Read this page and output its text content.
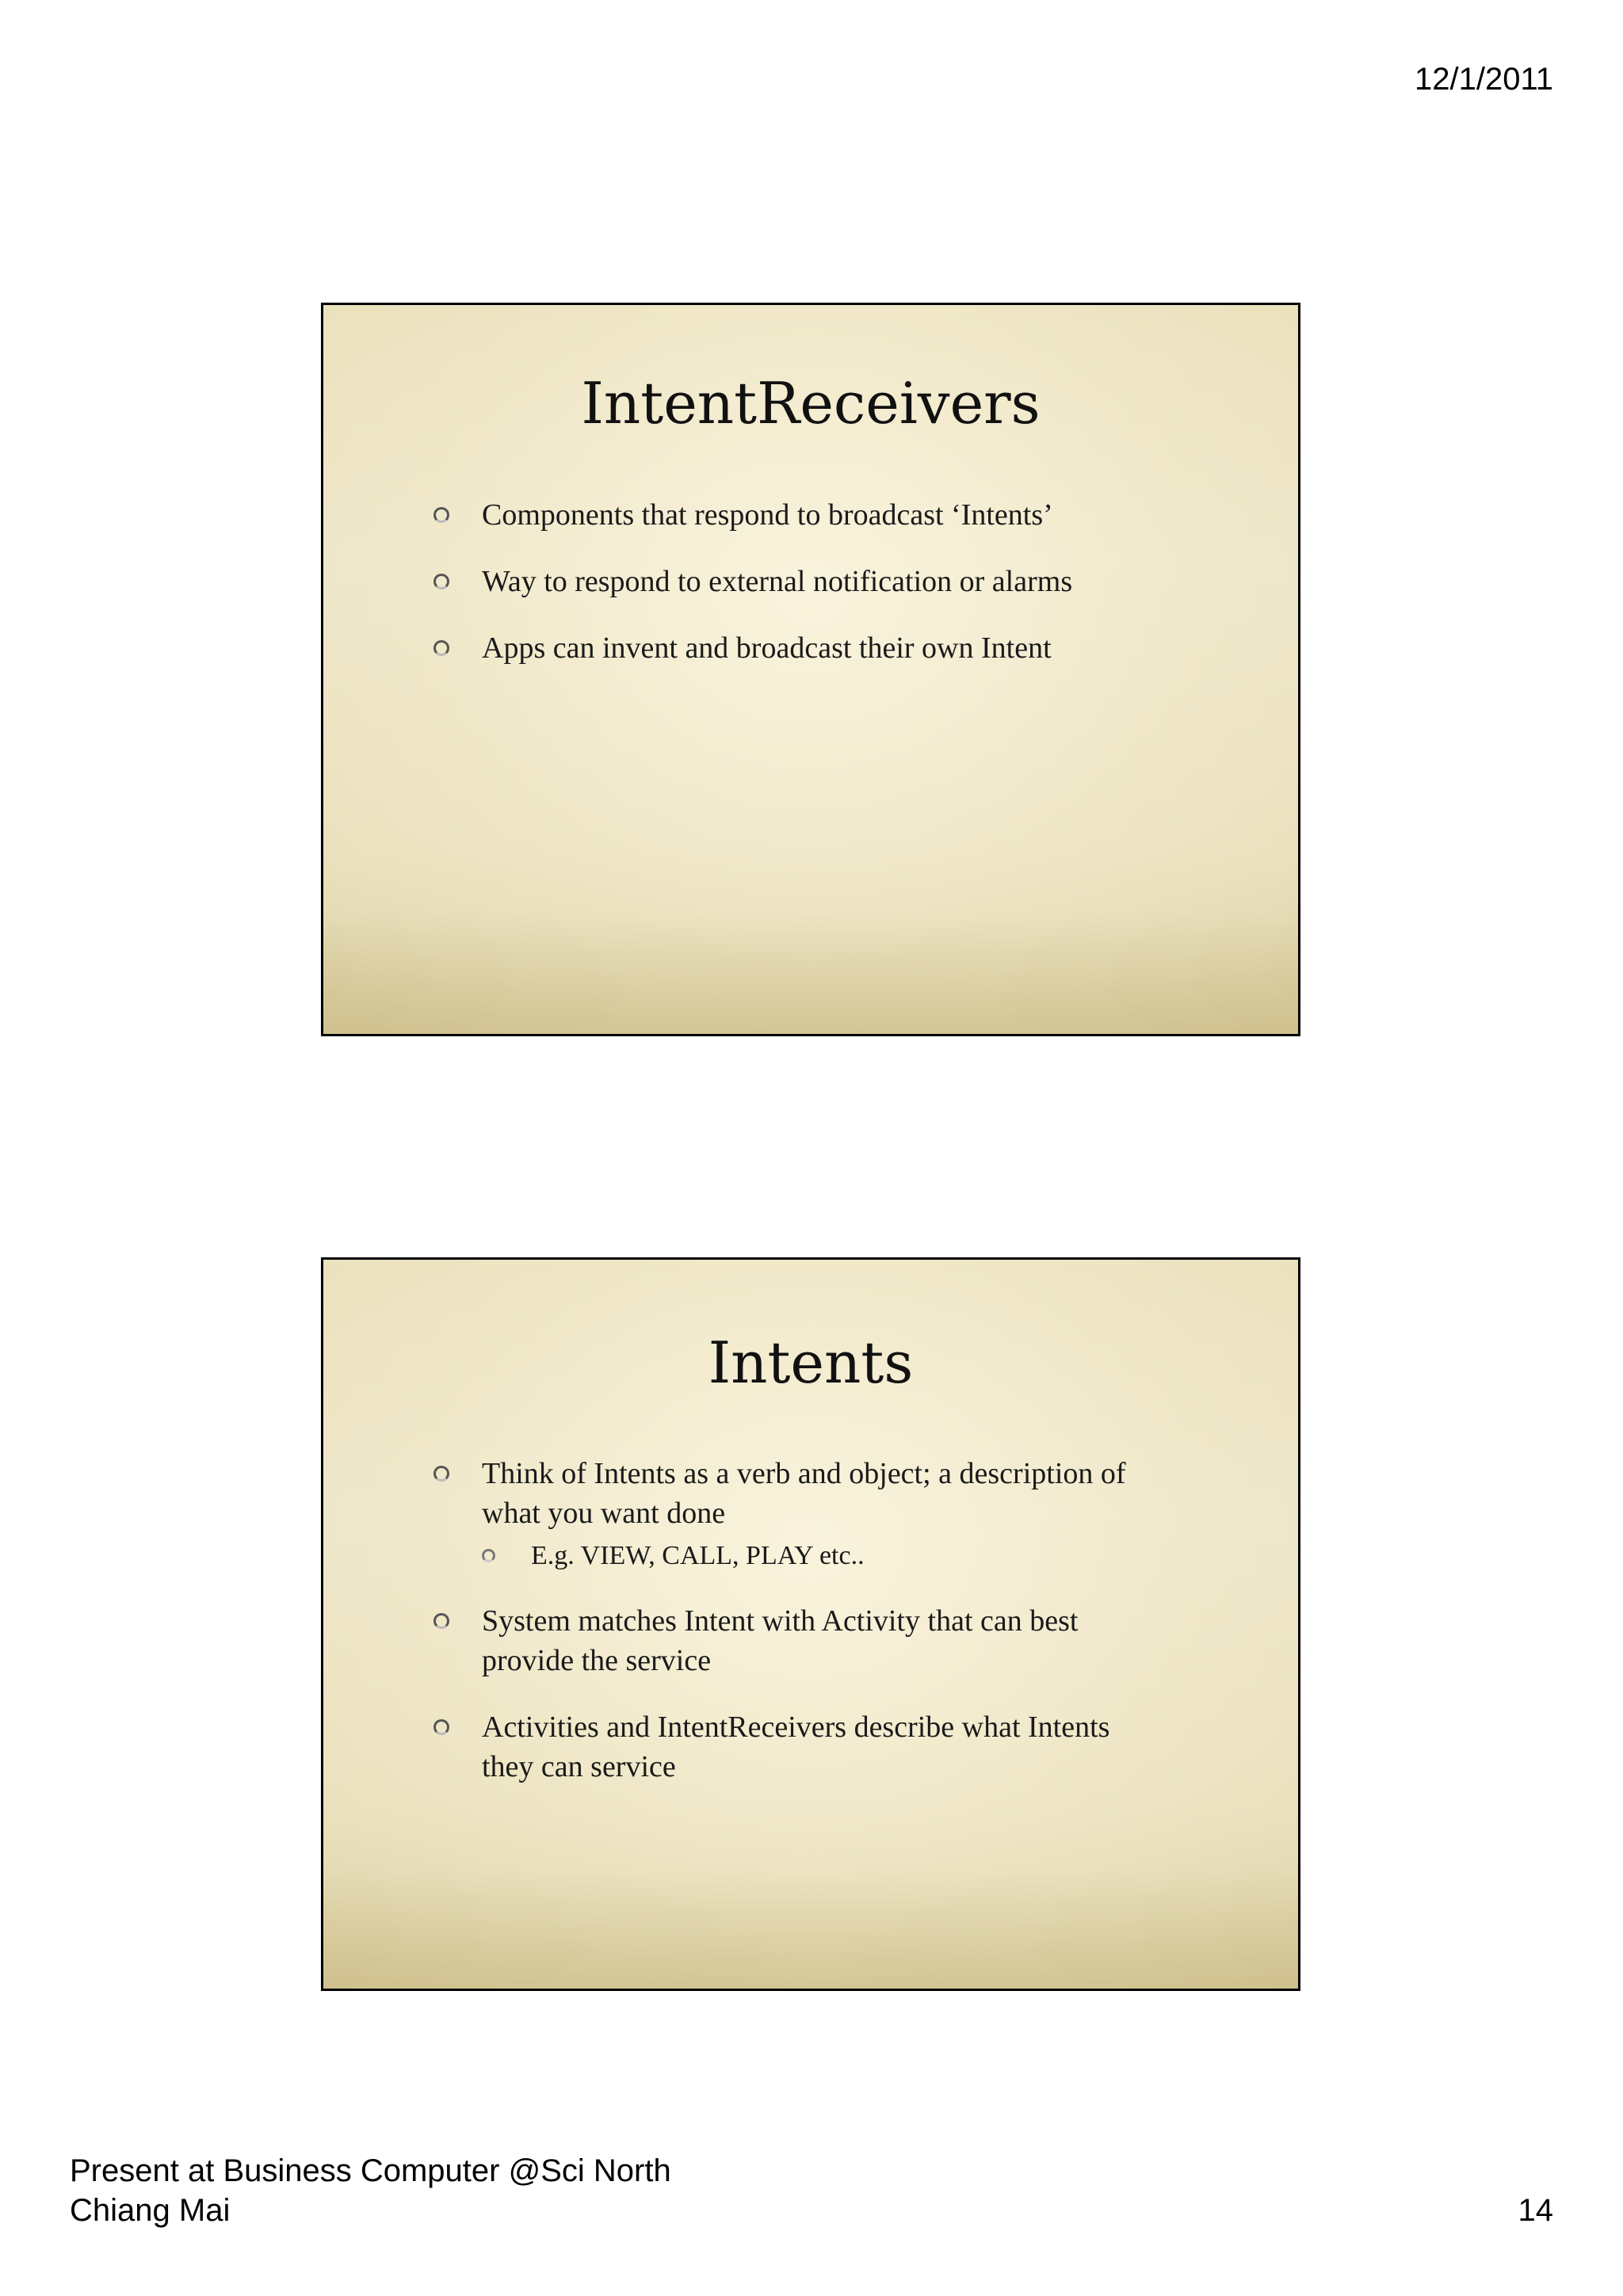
12/1/2011
IntentReceivers
Components that respond to broadcast ‘Intents’
Way to respond to external notification or alarms
Apps can invent and broadcast their own Intent
Intents
Think of Intents as a verb and object; a description of
what you want done
E.g. VIEW, CALL, PLAY etc..
System matches Intent with Activity that can best
provide the service
Activities and IntentReceivers describe what Intents
they can service
Present at Business Computer @Sci North
Chiang Mai	14
